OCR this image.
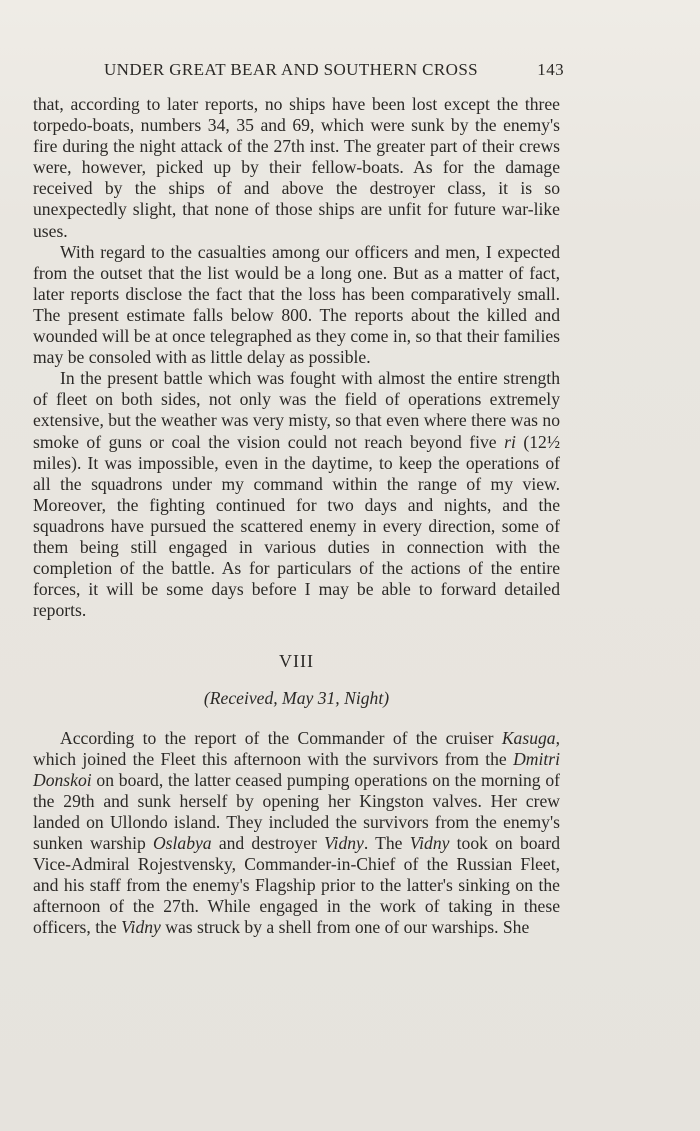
UNDER GREAT BEAR AND SOUTHERN CROSS	143

that, according to later reports, no ships have been lost except the three torpedo-boats, numbers 34, 35 and 69, which were sunk by the enemy's fire during the night attack of the 27th inst. The greater part of their crews were, however, picked up by their fellow-boats. As for the damage received by the ships of and above the destroyer class, it is so unexpectedly slight, that none of those ships are unfit for future war-like uses.

With regard to the casualties among our officers and men, I expected from the outset that the list would be a long one. But as a matter of fact, later reports disclose the fact that the loss has been comparatively small. The present estimate falls below 800. The reports about the killed and wounded will be at once telegraphed as they come in, so that their families may be consoled with as little delay as possible.

In the present battle which was fought with almost the entire strength of fleet on both sides, not only was the field of operations extremely extensive, but the weather was very misty, so that even where there was no smoke of guns or coal the vision could not reach beyond five ri (12½ miles). It was impossible, even in the daytime, to keep the operations of all the squadrons under my command within the range of my view. Moreover, the fighting continued for two days and nights, and the squadrons have pursued the scattered enemy in every direction, some of them being still engaged in various duties in connection with the completion of the battle. As for particulars of the actions of the entire forces, it will be some days before I may be able to forward detailed reports.

VIII
(Received, May 31, Night)

According to the report of the Commander of the cruiser Kasuga, which joined the Fleet this afternoon with the survivors from the Dmitri Donskoi on board, the latter ceased pumping operations on the morning of the 29th and sunk herself by opening her Kingston valves. Her crew landed on Ullondo island. They included the survivors from the enemy's sunken warship Oslabya and destroyer Vidny. The Vidny took on board Vice-Admiral Rojestvensky, Commander-in-Chief of the Russian Fleet, and his staff from the enemy's Flagship prior to the latter's sinking on the afternoon of the 27th. While engaged in the work of taking in these officers, the Vidny was struck by a shell from one of our warships. She
